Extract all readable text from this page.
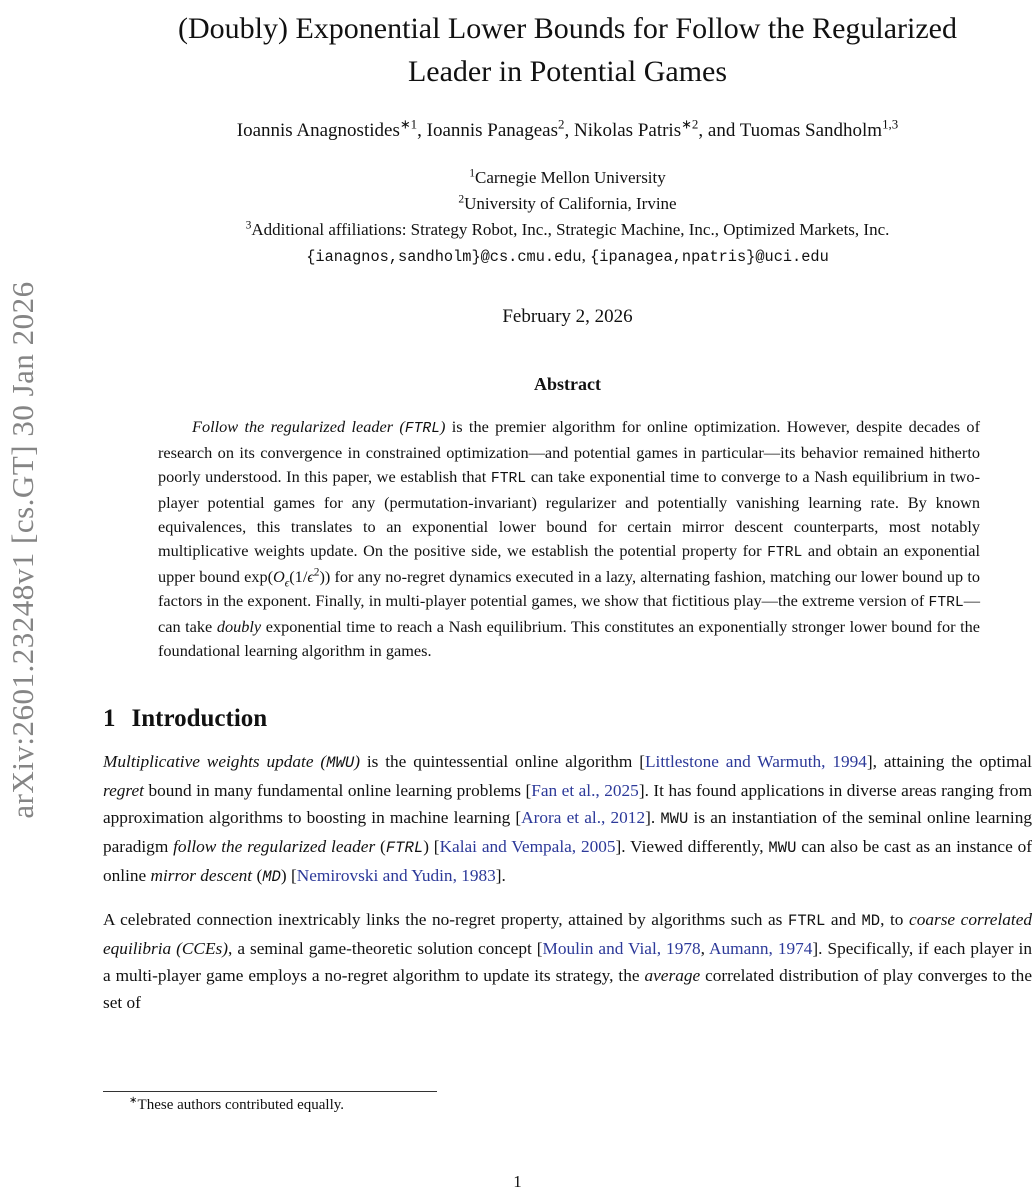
arXiv:2601.23248v1 [cs.GT] 30 Jan 2026
(Doubly) Exponential Lower Bounds for Follow the Regularized
Leader in Potential Games
Ioannis Anagnostides$^{∗1}$, Ioannis Panageas$^2$, Nikolas Patris$^{∗2}$, and Tuomas Sandholm$^{1,3}$
$^1$Carnegie Mellon University
$^2$University of California, Irvine
$^3$Additional affiliations: Strategy Robot, Inc., Strategic Machine, Inc., Optimized Markets, Inc.
{ianagnos,sandholm}@cs.cmu.edu, {ipanagea,npatris}@uci.edu
February 2, 2026
Abstract

Follow the regularized leader (FTRL) is the premier algorithm for online optimization. However, despite decades of research on its convergence in constrained optimization—and potential games in particular—its behavior remained hitherto poorly understood. In this paper, we establish that FTRL can take exponential time to converge to a Nash equilibrium in two-player potential games for any (permutation-invariant) regularizer and potentially vanishing learning rate. By known equivalences, this translates to an exponential lower bound for certain mirror descent counterparts, most notably multiplicative weights update. On the positive side, we establish the potential property for FTRL and obtain an exponential upper bound $\exp(O_\epsilon(1/\epsilon^2))$ for any no-regret dynamics executed in a lazy, alternating fashion, matching our lower bound up to factors in the exponent. Finally, in multi-player potential games, we show that fictitious play—the extreme version of FTRL—can take doubly exponential time to reach a Nash equilibrium. This constitutes an exponentially stronger lower bound for the foundational learning algorithm in games.

1 Introduction

Multiplicative weights update (MWU) is the quintessential online algorithm [Littlestone and Warmuth, 1994], attaining the optimal regret bound in many fundamental online learning problems [Fan et al., 2025]. It has found applications in diverse areas ranging from approximation algorithms to boosting in machine learning [Arora et al., 2012]. MWU is an instantiation of the seminal online learning paradigm follow the regularized leader (FTRL) [Kalai and Vempala, 2005]. Viewed differently, MWU can also be cast as an instance of online mirror descent (MD) [Nemirovski and Yudin, 1983].

A celebrated connection inextricably links the no-regret property, attained by algorithms such as FTRL and MD, to coarse correlated equilibria (CCEs), a seminal game-theoretic solution concept [Moulin and Vial, 1978, Aumann, 1974]. Specifically, if each player in a multi-player game employs a no-regret algorithm to update its strategy, the average correlated distribution of play converges to the set of

∗These authors contributed equally.

1
